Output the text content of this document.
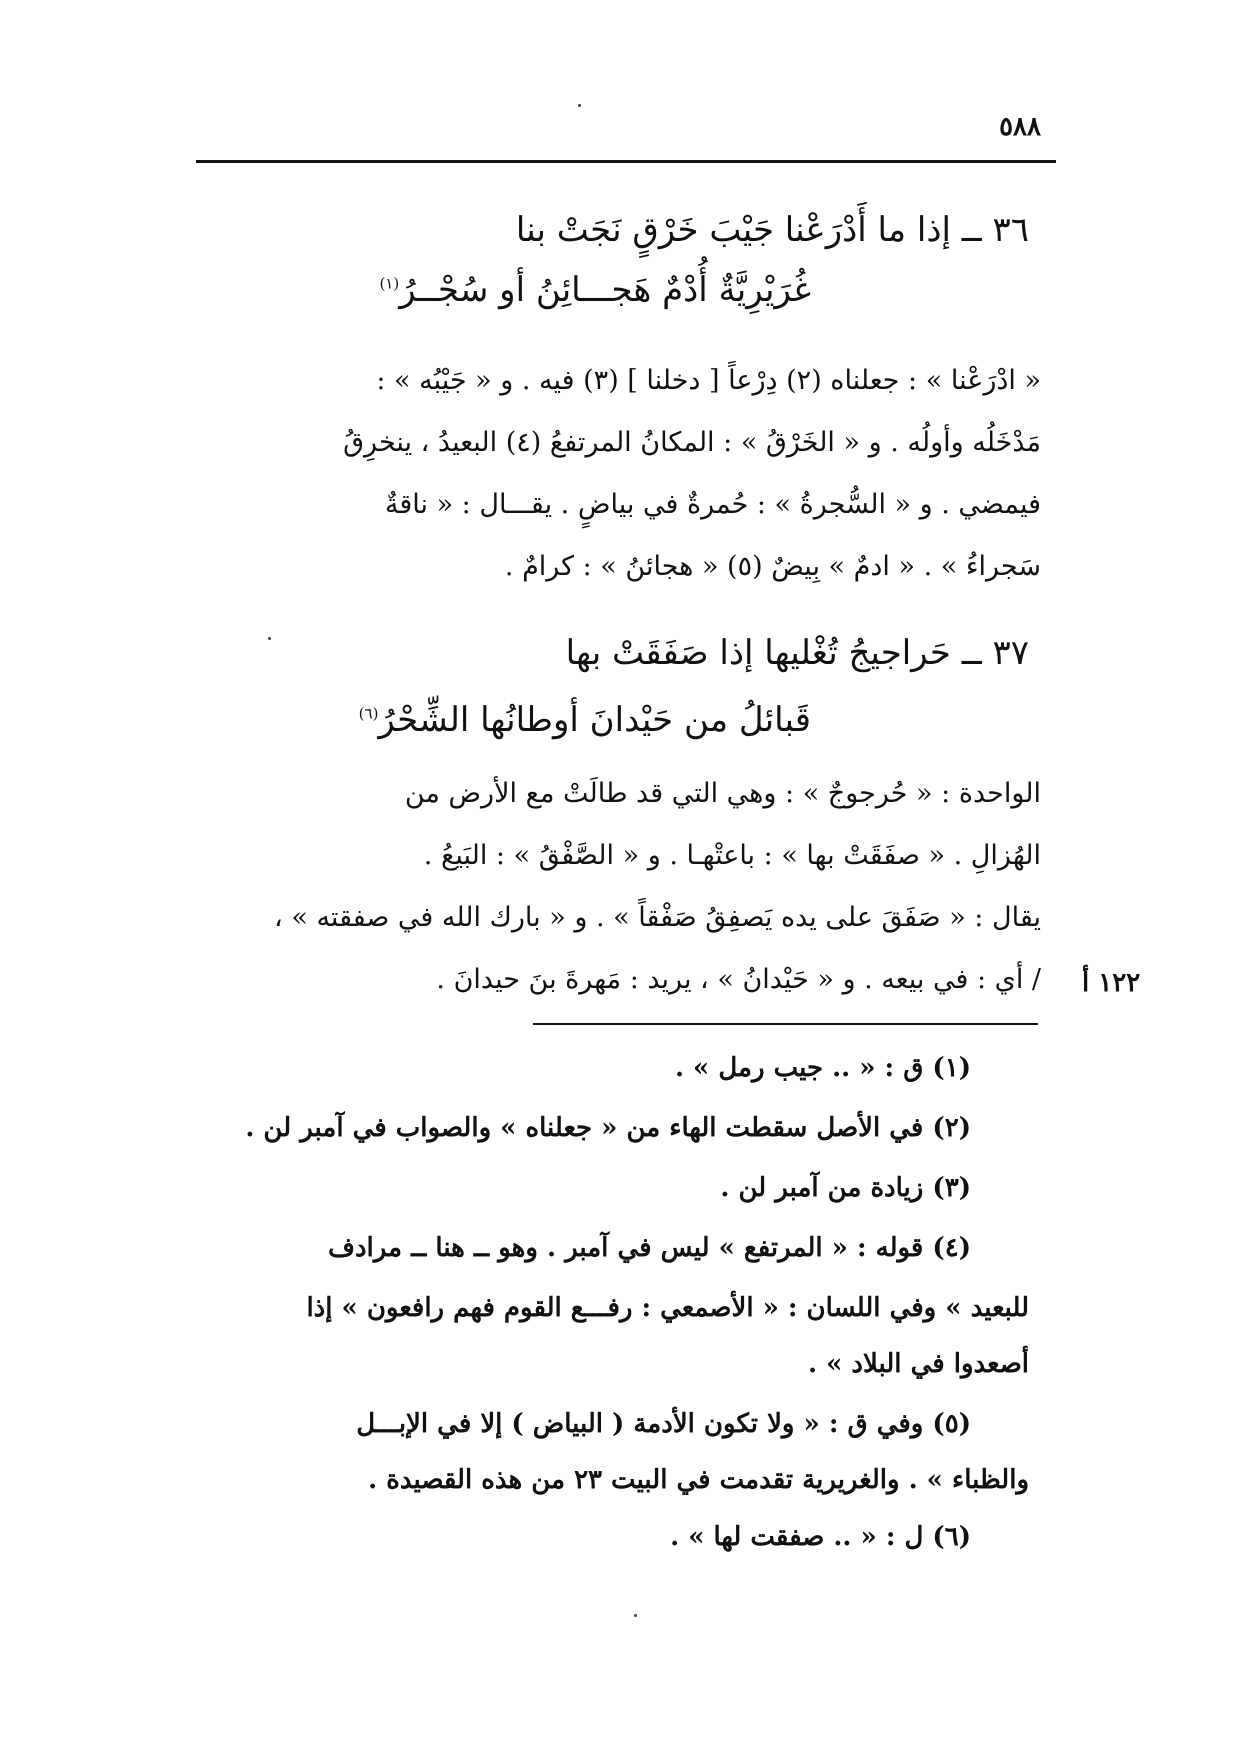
٥٨٨
٣٦ ــ إذا ما أَدْرَعْنا جَيْبَ خَرْقٍ نَجَتْ بنا
غُرَيْرِيَّةٌ أُدْمٌ هَجـــائِنُ أو سُجْــرُ$^{(١)}$
« ادْرَعْنا » : جعلناه (٢) دِرْعاً [ دخلنا ] (٣) فيه . و « جَيْبُه » :
مَدْخَلُه وأولُه . و « الخَرْقُ » : المكانُ المرتفعُ (٤) البعيدُ ، ينخرِقُ
فيمضي . و « السُّجرةُ » : حُمرةٌ في بياضٍ . يقـــال : « ناقةٌ
سَجراءُ » . « ادمٌ » بِيضٌ (٥) « هجائنُ » : كرامٌ .
٣٧ ــ حَراجيجُ تُغْليها إذا صَفَقَتْ بها
قَبائلُ من حَيْدانَ أوطانُها الشِّحْرُ$^{(٦)}$
الواحدة : « حُرجوجٌ » : وهي التي قد طالَتْ مع الأرض من
الهُزالِ . « صفَقَتْ بها » : باعتْهـا . و « الصَّفْقُ » : البَيعُ .
يقال : « صَفَقَ على يده يَصفِقُ صَفْقاً » . و « بارك الله في صفقته » ،
/ أي : في بيعه . و « حَيْدانُ » ، يريد : مَهرةَ بنَ حيدانَ . ١٢٢ أ
(١) ق : « .. جيب رمل » .
(٢) في الأصل سقطت الهاء من « جعلناه » والصواب في آمبر لن .
(٣) زيادة من آمبر لن .
(٤) قوله : « المرتفع » ليس في آمبر . وهو ــ هنا ــ مرادف
للبعيد » وفي اللسان : « الأصمعي : رفـــع القوم فهم رافعون » إذا
أصعدوا في البلاد » .
(٥) وفي ق : « ولا تكون الأدمة ( البياض ) إلا في الإبـــل
والظباء » . والغريرية تقدمت في البيت ٢٣ من هذه القصيدة .
(٦) ل : « .. صفقت لها » .
